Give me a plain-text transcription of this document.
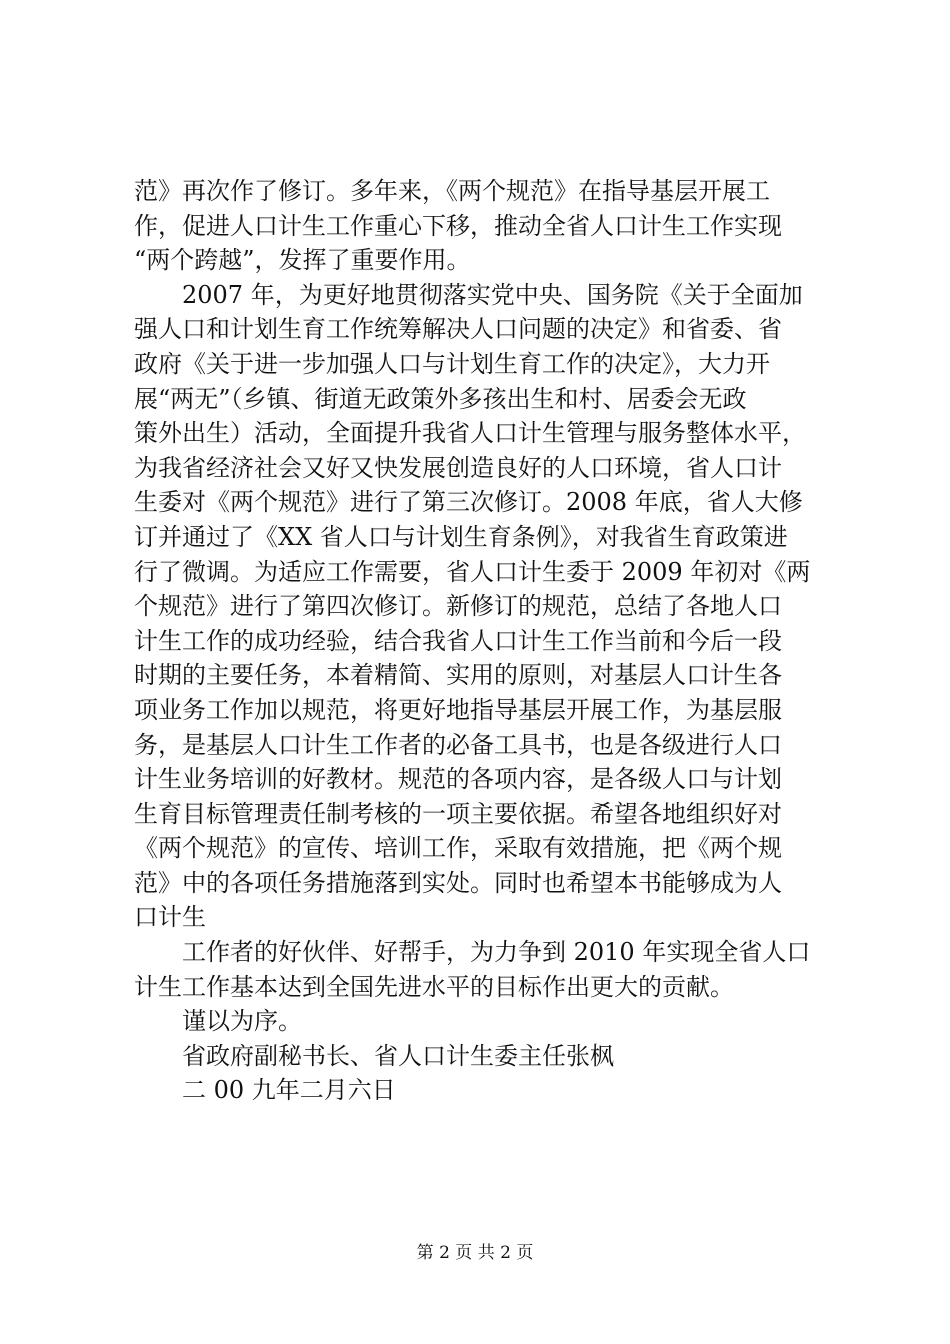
范》再次作了修订。多年来，《两个规范》在指导基层开展工
作，促进人口计生工作重心下移，推动全省人口计生工作实现
“两个跨越”，发挥了重要作用。
　　2007 年，为更好地贯彻落实党中央、国务院《关于全面加
强人口和计划生育工作统筹解决人口问题的决定》和省委、省
政府《关于进一步加强人口与计划生育工作的决定》，大力开
展“两无”（乡镇、街道无政策外多孩出生和村、居委会无政
策外出生）活动，全面提升我省人口计生管理与服务整体水平，
为我省经济社会又好又快发展创造良好的人口环境，省人口计
生委对《两个规范》进行了第三次修订。2008 年底，省人大修
订并通过了《XX 省人口与计划生育条例》，对我省生育政策进
行了微调。为适应工作需要，省人口计生委于 2009 年初对《两
个规范》进行了第四次修订。新修订的规范，总结了各地人口
计生工作的成功经验，结合我省人口计生工作当前和今后一段
时期的主要任务，本着精简、实用的原则，对基层人口计生各
项业务工作加以规范，将更好地指导基层开展工作，为基层服
务，是基层人口计生工作者的必备工具书，也是各级进行人口
计生业务培训的好教材。规范的各项内容，是各级人口与计划
生育目标管理责任制考核的一项主要依据。希望各地组织好对
《两个规范》的宣传、培训工作，采取有效措施，把《两个规
范》中的各项任务措施落到实处。同时也希望本书能够成为人
口计生
　　工作者的好伙伴、好帮手，为力争到 2010 年实现全省人口
计生工作基本达到全国先进水平的目标作出更大的贡献。
　　谨以为序。
　　省政府副秘书长、省人口计生委主任张枫
　　二 00 九年二月六日
第 2 页 共 2 页
